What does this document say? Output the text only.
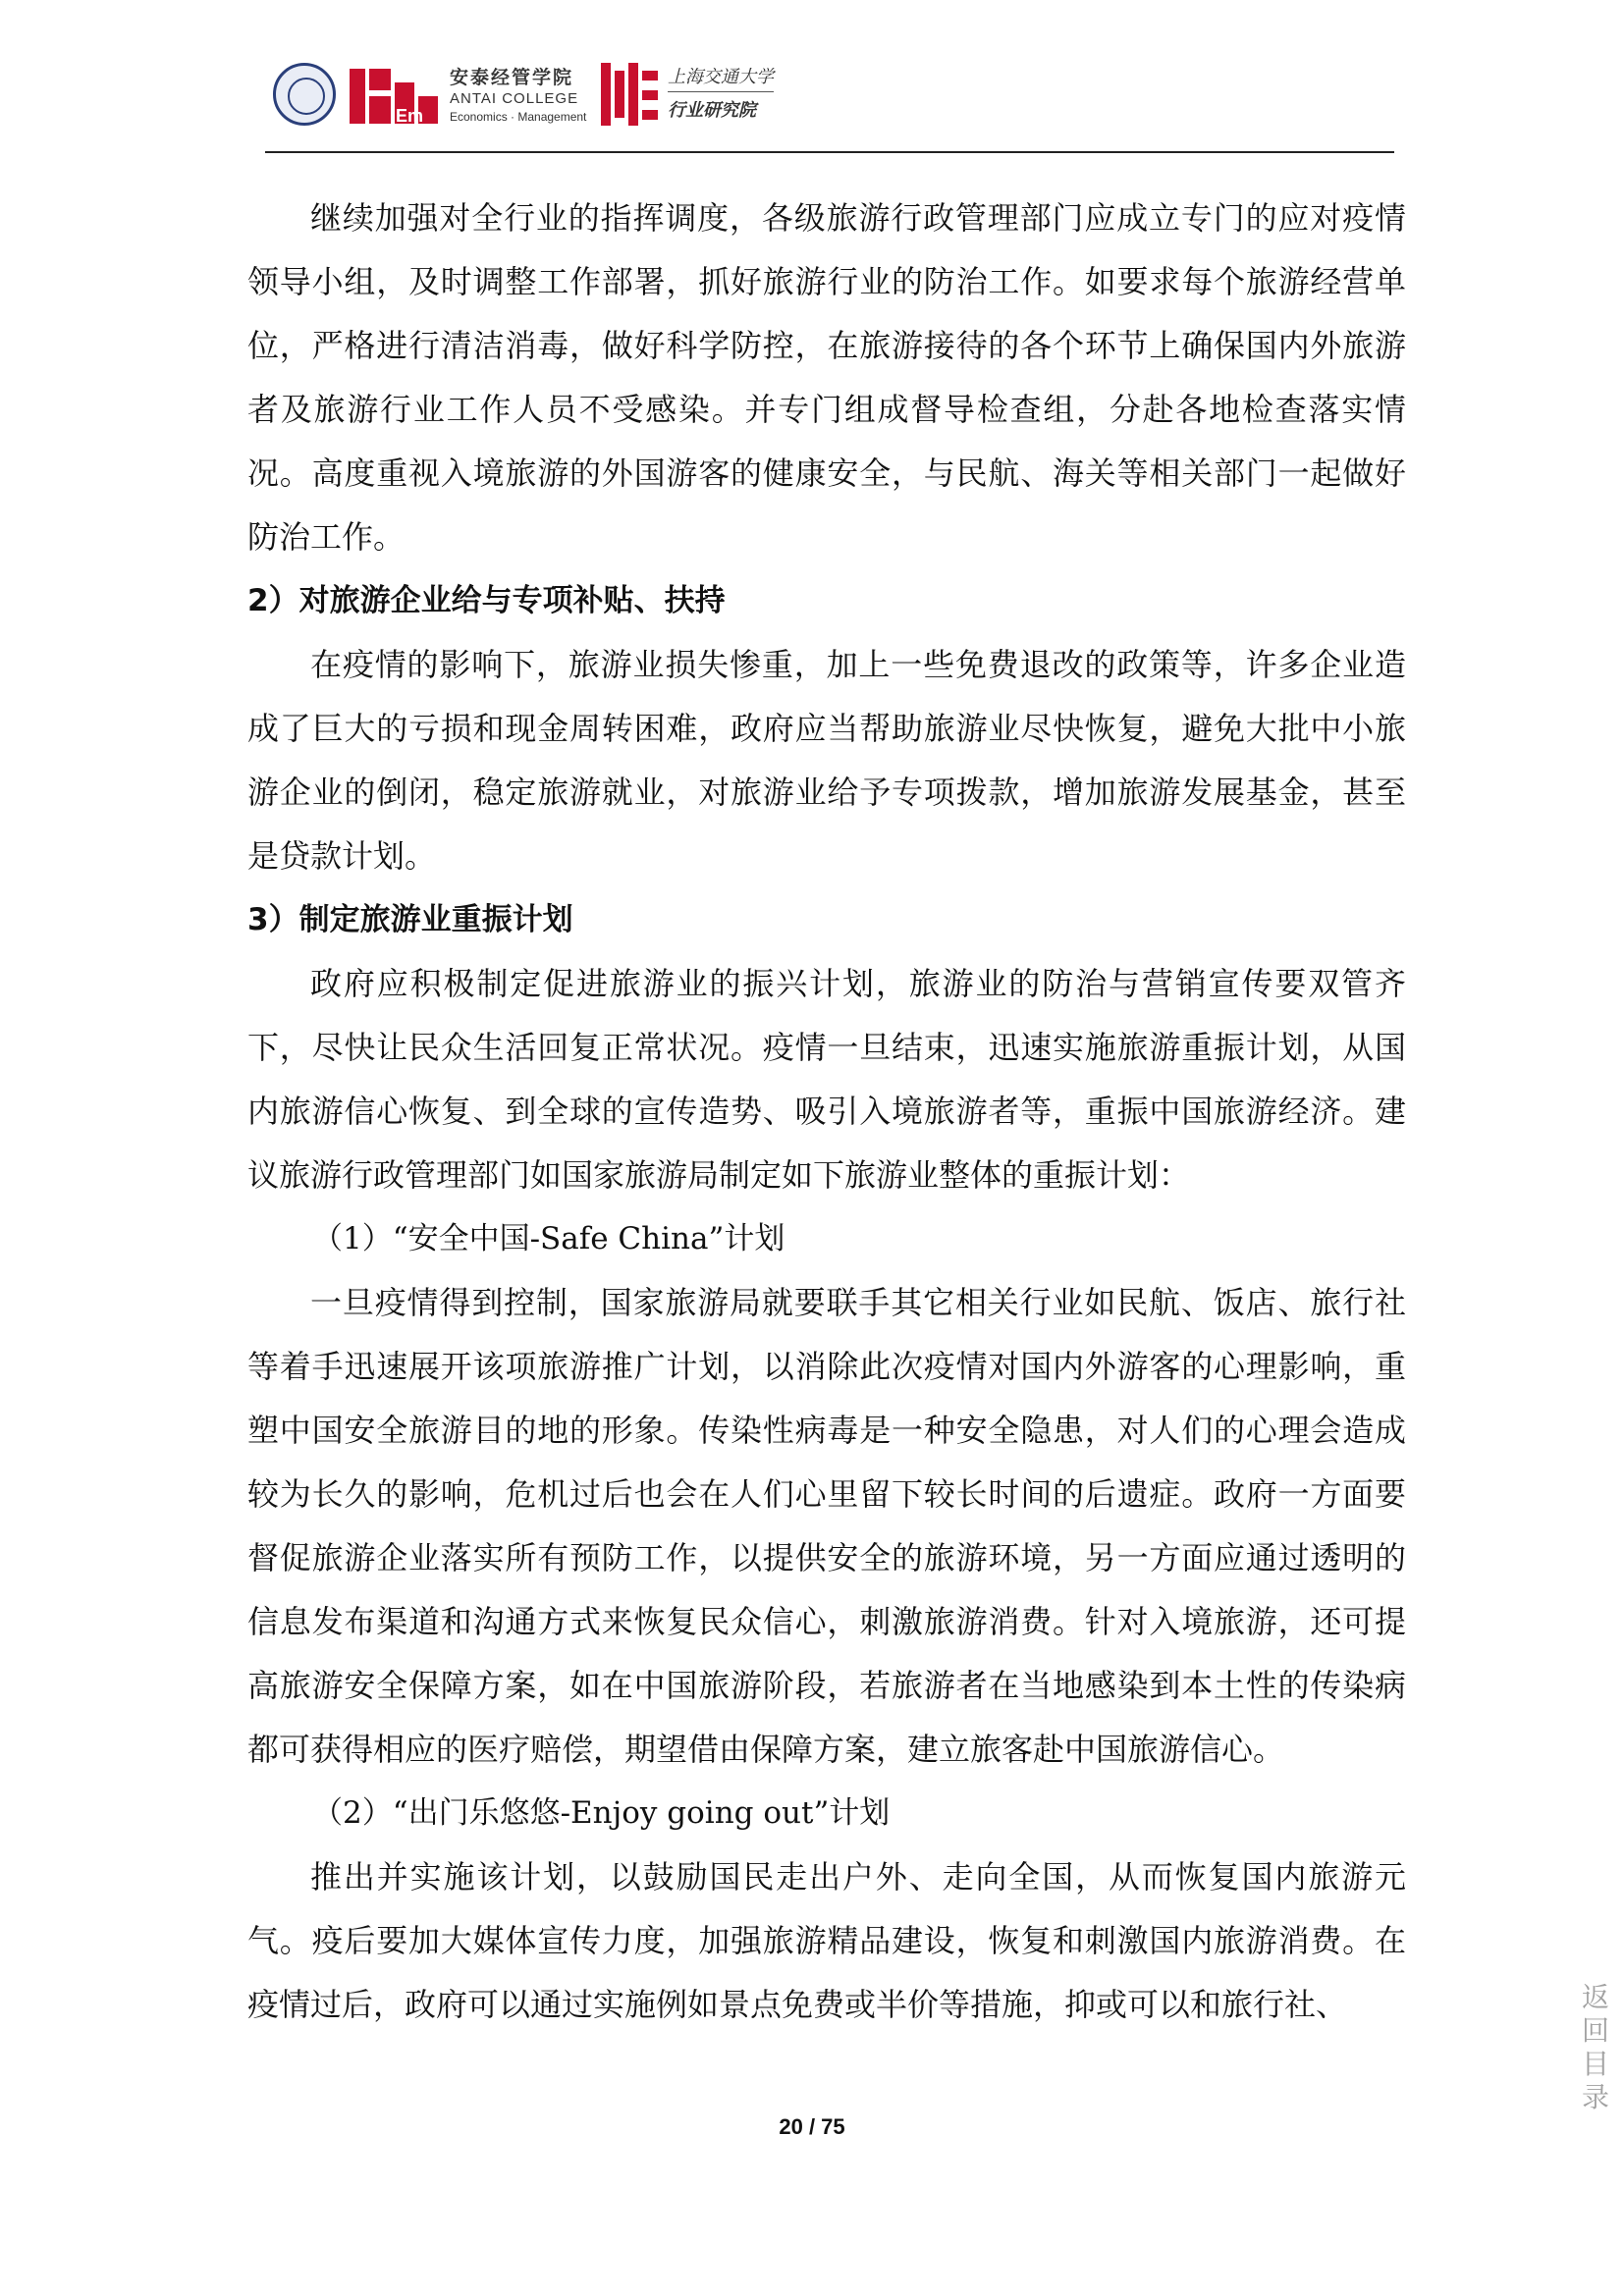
Em
安泰经管学院
ANTAI COLLEGE
Economics · Management
上海交通大学
行业研究院

继续加强对全行业的指挥调度，各级旅游行政管理部门应成立专门的应对疫情领导小组，及时调整工作部署，抓好旅游行业的防治工作。如要求每个旅游经营单位，严格进行清洁消毒，做好科学防控，在旅游接待的各个环节上确保国内外旅游者及旅游行业工作人员不受感染。并专门组成督导检查组，分赴各地检查落实情况。高度重视入境旅游的外国游客的健康安全，与民航、海关等相关部门一起做好防治工作。

2）对旅游企业给与专项补贴、扶持

在疫情的影响下，旅游业损失惨重，加上一些免费退改的政策等，许多企业造成了巨大的亏损和现金周转困难，政府应当帮助旅游业尽快恢复，避免大批中小旅游企业的倒闭，稳定旅游就业，对旅游业给予专项拨款，增加旅游发展基金，甚至是贷款计划。

3）制定旅游业重振计划

政府应积极制定促进旅游业的振兴计划，旅游业的防治与营销宣传要双管齐下，尽快让民众生活回复正常状况。疫情一旦结束，迅速实施旅游重振计划，从国内旅游信心恢复、到全球的宣传造势、吸引入境旅游者等，重振中国旅游经济。建议旅游行政管理部门如国家旅游局制定如下旅游业整体的重振计划：

（1）“安全中国-Safe China”计划

一旦疫情得到控制，国家旅游局就要联手其它相关行业如民航、饭店、旅行社等着手迅速展开该项旅游推广计划，以消除此次疫情对国内外游客的心理影响，重塑中国安全旅游目的地的形象。传染性病毒是一种安全隐患，对人们的心理会造成较为长久的影响，危机过后也会在人们心里留下较长时间的后遗症。政府一方面要督促旅游企业落实所有预防工作，以提供安全的旅游环境，另一方面应通过透明的信息发布渠道和沟通方式来恢复民众信心，刺激旅游消费。针对入境旅游，还可提高旅游安全保障方案，如在中国旅游阶段，若旅游者在当地感染到本土性的传染病都可获得相应的医疗赔偿，期望借由保障方案，建立旅客赴中国旅游信心。

（2）“出门乐悠悠-Enjoy going out”计划

推出并实施该计划，以鼓励国民走出户外、走向全国，从而恢复国内旅游元气。疫后要加大媒体宣传力度，加强旅游精品建设，恢复和刺激国内旅游消费。在疫情过后，政府可以通过实施例如景点免费或半价等措施，抑或可以和旅行社、

20 / 75
返回目录
